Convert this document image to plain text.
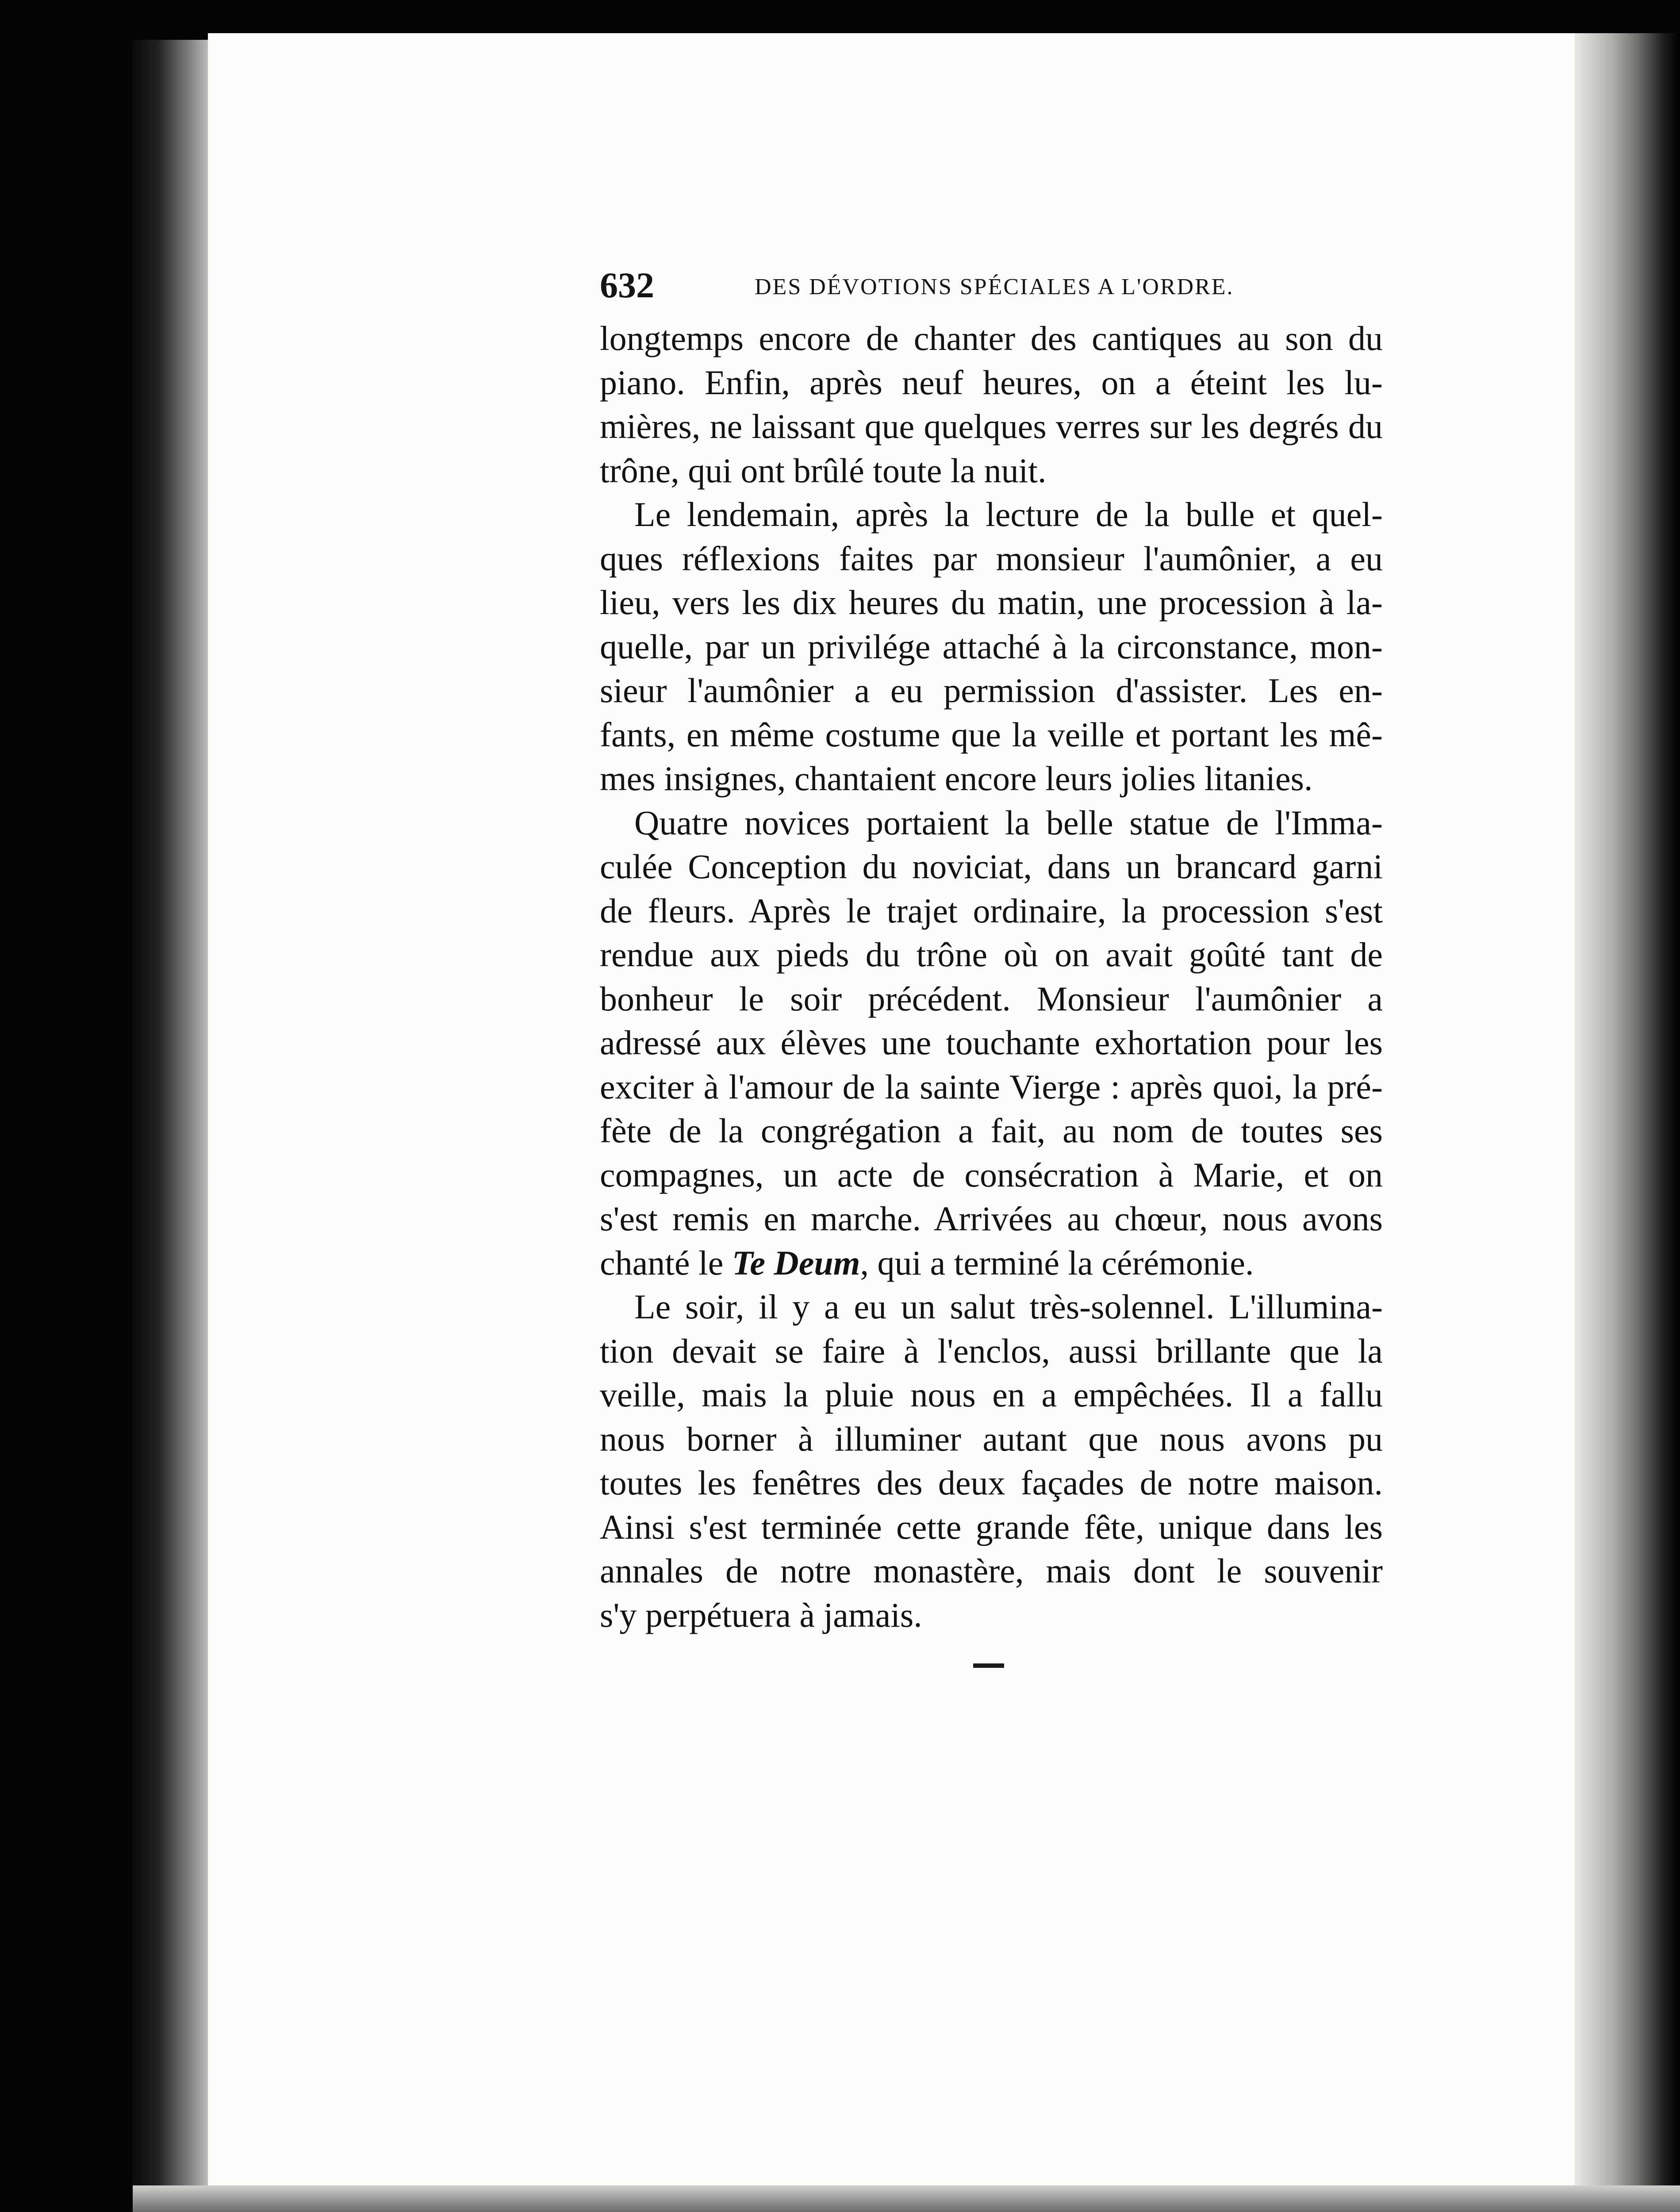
632	DES DÉVOTIONS SPÉCIALES A L'ORDRE.
longtemps encore de chanter des cantiques au son du
piano. Enfin, après neuf heures, on a éteint les lu-
mières, ne laissant que quelques verres sur les degrés du
trône, qui ont brûlé toute la nuit.
Le lendemain, après la lecture de la bulle et quel-
ques réflexions faites par monsieur l'aumônier, a eu
lieu, vers les dix heures du matin, une procession à la-
quelle, par un privilége attaché à la circonstance, mon-
sieur l'aumônier a eu permission d'assister. Les en-
fants, en même costume que la veille et portant les mê-
mes insignes, chantaient encore leurs jolies litanies.
Quatre novices portaient la belle statue de l'Imma-
culée Conception du noviciat, dans un brancard garni
de fleurs. Après le trajet ordinaire, la procession s'est
rendue aux pieds du trône où on avait goûté tant de
bonheur le soir précédent. Monsieur l'aumônier a
adressé aux élèves une touchante exhortation pour les
exciter à l'amour de la sainte Vierge : après quoi, la pré-
fète de la congrégation a fait, au nom de toutes ses
compagnes, un acte de consécration à Marie, et on
s'est remis en marche. Arrivées au chœur, nous avons
chanté le Te Deum, qui a terminé la cérémonie.
Le soir, il y a eu un salut très-solennel. L'illumina-
tion devait se faire à l'enclos, aussi brillante que la
veille, mais la pluie nous en a empêchées. Il a fallu
nous borner à illuminer autant que nous avons pu
toutes les fenêtres des deux façades de notre maison.
Ainsi s'est terminée cette grande fête, unique dans les
annales de notre monastère, mais dont le souvenir
s'y perpétuera à jamais.
